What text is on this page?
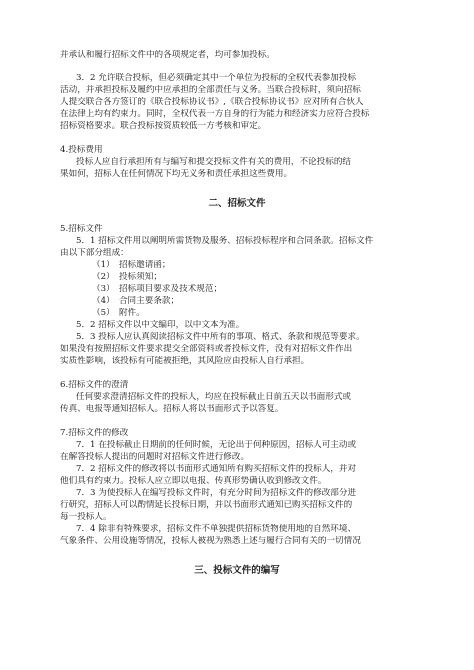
并承认和履行招标文件中的各项规定者，均可参加投标。
3．2 允许联合投标，但必须确定其中一个单位为投标的全权代表参加投标
活动，并承担投标及履约中应承担的全部责任与义务。当联合投标时，须向招标
人提交联合各方签订的《联合投标协议书》,《联合投标协议书》应对所有合伙人
在法律上均有约束力。同时，全权代表一方自身的行为能力和经济实力应符合投标
招标资格要求。联合投标按资质较低一方考核和审定。
4.投标费用
投标人应自行承担所有与编写和提交投标文件有关的费用，不论投标的结
果如何，招标人在任何情况下均无义务和责任承担这些费用。
二、招标文件
5.招标文件
5．1 招标文件用以阐明所需货物及服务、招标投标程序和合同条款。招标文件
由以下部分组成：
（1）　招标邀请函；
（2）　投标须知；
（3）　招标项目要求及技术规范；
（4）　合同主要条款；
（5）　附件。
5．2 招标文件以中文编印，以中文本为准。
5．3 投标人应认真阅读招标文件中所有的事项、格式、条款和规范等要求。
如果没有按照招标文件要求提交全部资料或者投标文件，没有对招标文件作出
实质性影响，该投标有可能被拒绝，其风险应由投标人自行承担。
6.招标文件的澄清
任何要求澄清招标文件的投标人，均应在投标截止日前五天以书面形式或
传真、电报等通知招标人。招标人将以书面形式予以答复。
7.招标文件的修改
7．1 在投标截止日期前的任何时候，无论出于何种原因，招标人可主动或
在解答投标人提出的问题时对招标文件进行修改。
7．2 招标文件的修改将以书面形式通知所有购买招标文件的投标人，并对
他们具有约束力。投标人应立即以电报、传真形势确认收到修改文件。
7．3 为使投标人在编写投标文件时，有充分时间为招标文件的修改部分进
行研究，招标人可以酌情延长投标日期，并以书面形式通知已购买招标文件的
每一投标人。
7．4 除非有特殊要求，招标文件不单独提供招标货物使用地的自然环境、
气象条件、公用设施等情况，投标人被视为熟悉上述与履行合同有关的一切情况
三、投标文件的编写
